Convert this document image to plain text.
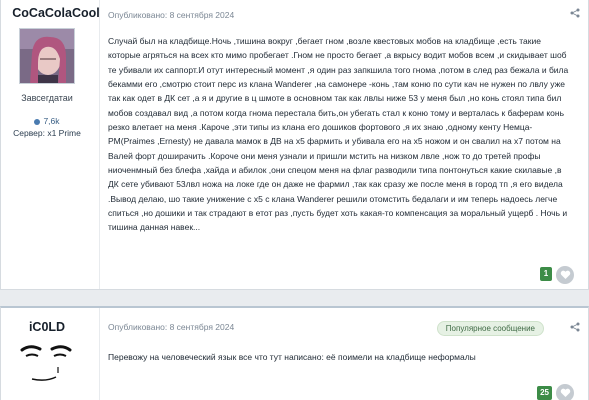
CoCaColaCool
Завсегдатаи
7,6k
Сервер: x1 Prime
Опубликовано: 8 сентября 2024
Случай был на кладбище.Ночь ,тишина вокруг ,бегает гном ,возле квестовых мобов на кладбище ,есть такие которые агряться на всех кто мимо пробегает .Гном не просто бегает ,а вкрысу водит мобов всем ,и скидывает шоб те убивали их саппорт.И отут интересный момент ,я один раз запкшила того гнома ,потом в след раз бежала и била бекамми его ,смотрю стоит перс из клана Wanderer ,на самонере -конь ,там коню по сути кач не нужен по лвлу уже так как одет в ДК сет ,а я и другие в ц шмоте в основном так как лвлы ниже 53 у меня был ,но конь стоял типа бил мобов создавал вид ,а потом когда гнома перестала бить,он убегать стал к коню тому и верталась к баферам конь резко влетает на меня .Карочe ,эти типы из клана его дошиков фортового ,я их знаю ,одному кенту Немца- PM(Praimes ,Ernesty) не давала мамок в ДВ на x5 фармить и убивала его на x5 ножом и он свалил на x7 потом на Валей форт доширачить .Короче они меня узнали и пришли мстить на низком лвле ,нож то до третей профы ниоченмный без блефа ,хайда и абилок ,они спецом меня на флаг разводили типа понтонуться какие скилавые ,в ДК сете убивают 53лвл ножа на локе где он даже не фармил ,так как сразу же после меня в город тп ,я его видела .Вывод делаю, шо такие унижение с x5 с клана Wanderer решили отомстить бедалаги и им теперь надоесь легче спиться ,но дошики и так страдают в етот раз ,пусть будет хоть какая-то компенсация за моральный ущерб . Ночь и тишина данная навек...
1
iC0LD	Опубликовано: 8 сентября 2024	Популярное сообщение
Перевожу на человеческий язык все что тут написано: её поимели на кладбище неформалы
25
